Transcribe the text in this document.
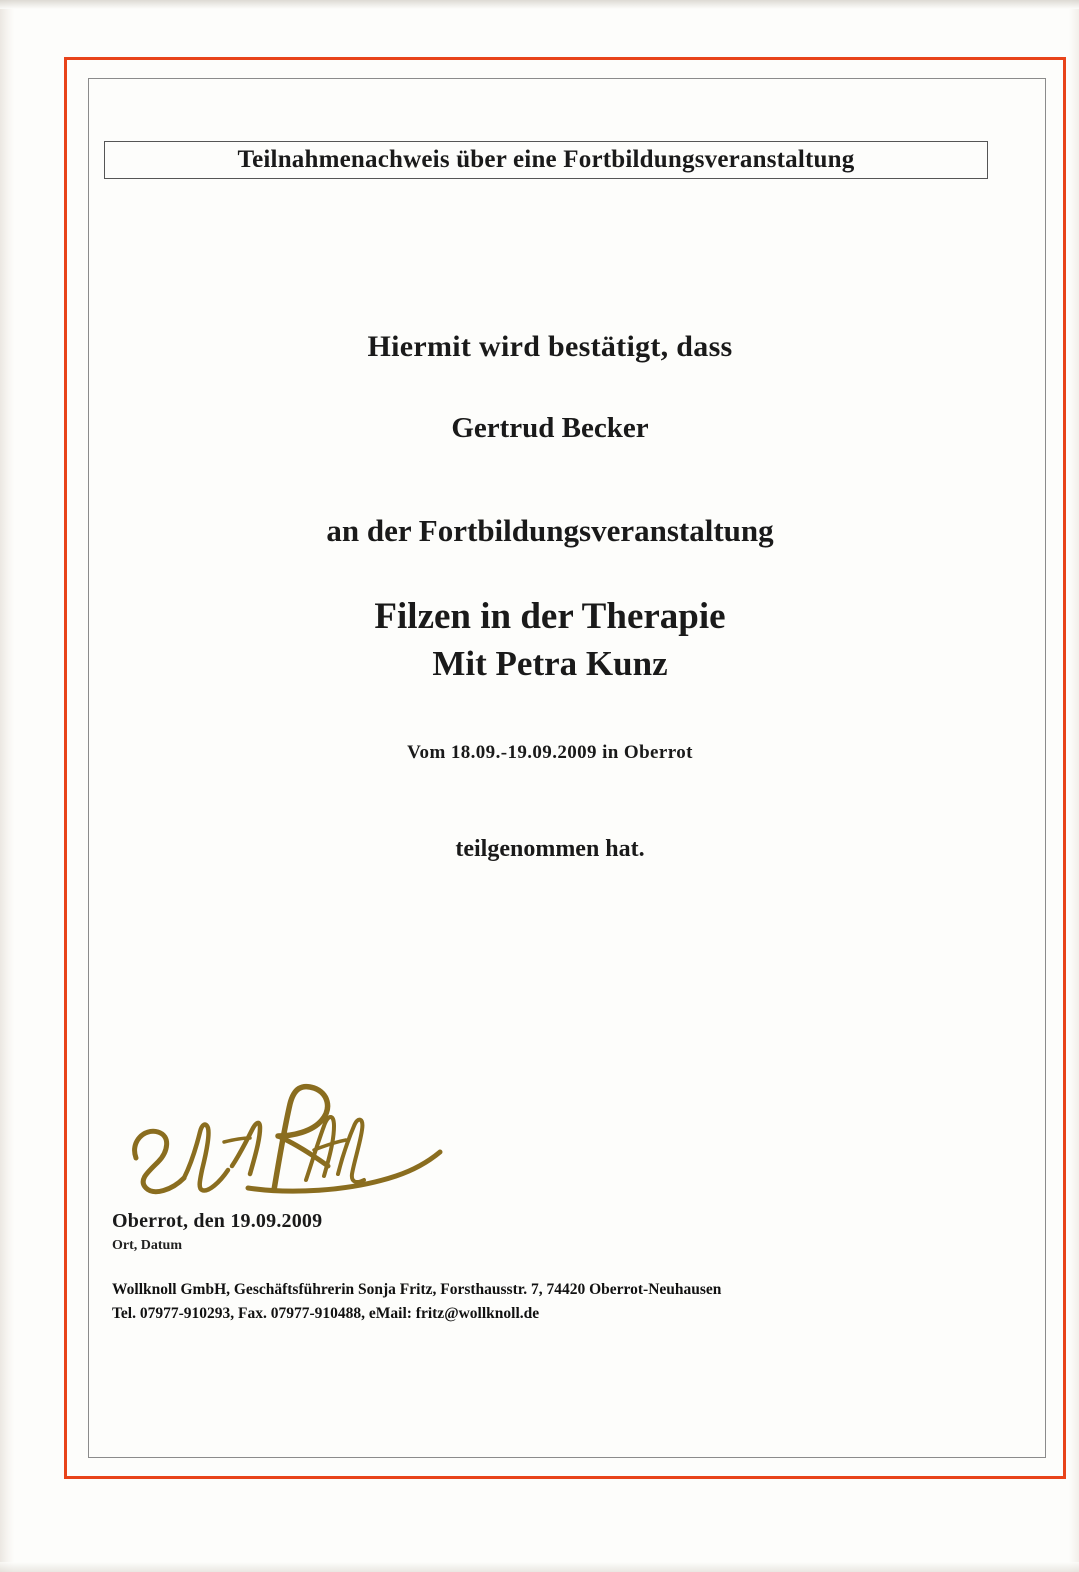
Teilnahmenachweis über eine Fortbildungsveranstaltung
Hiermit wird bestätigt, dass
Gertrud Becker
an der Fortbildungsveranstaltung
Filzen in der Therapie
Mit Petra Kunz
Vom 18.09.-19.09.2009 in Oberrot
teilgenommen hat.
Oberrot, den 19.09.2009
Ort, Datum
Wollknoll GmbH, Geschäftsführerin Sonja Fritz, Forsthausstr. 7, 74420 Oberrot-Neuhausen
Tel. 07977-910293, Fax. 07977-910488, eMail: fritz@wollknoll.de
